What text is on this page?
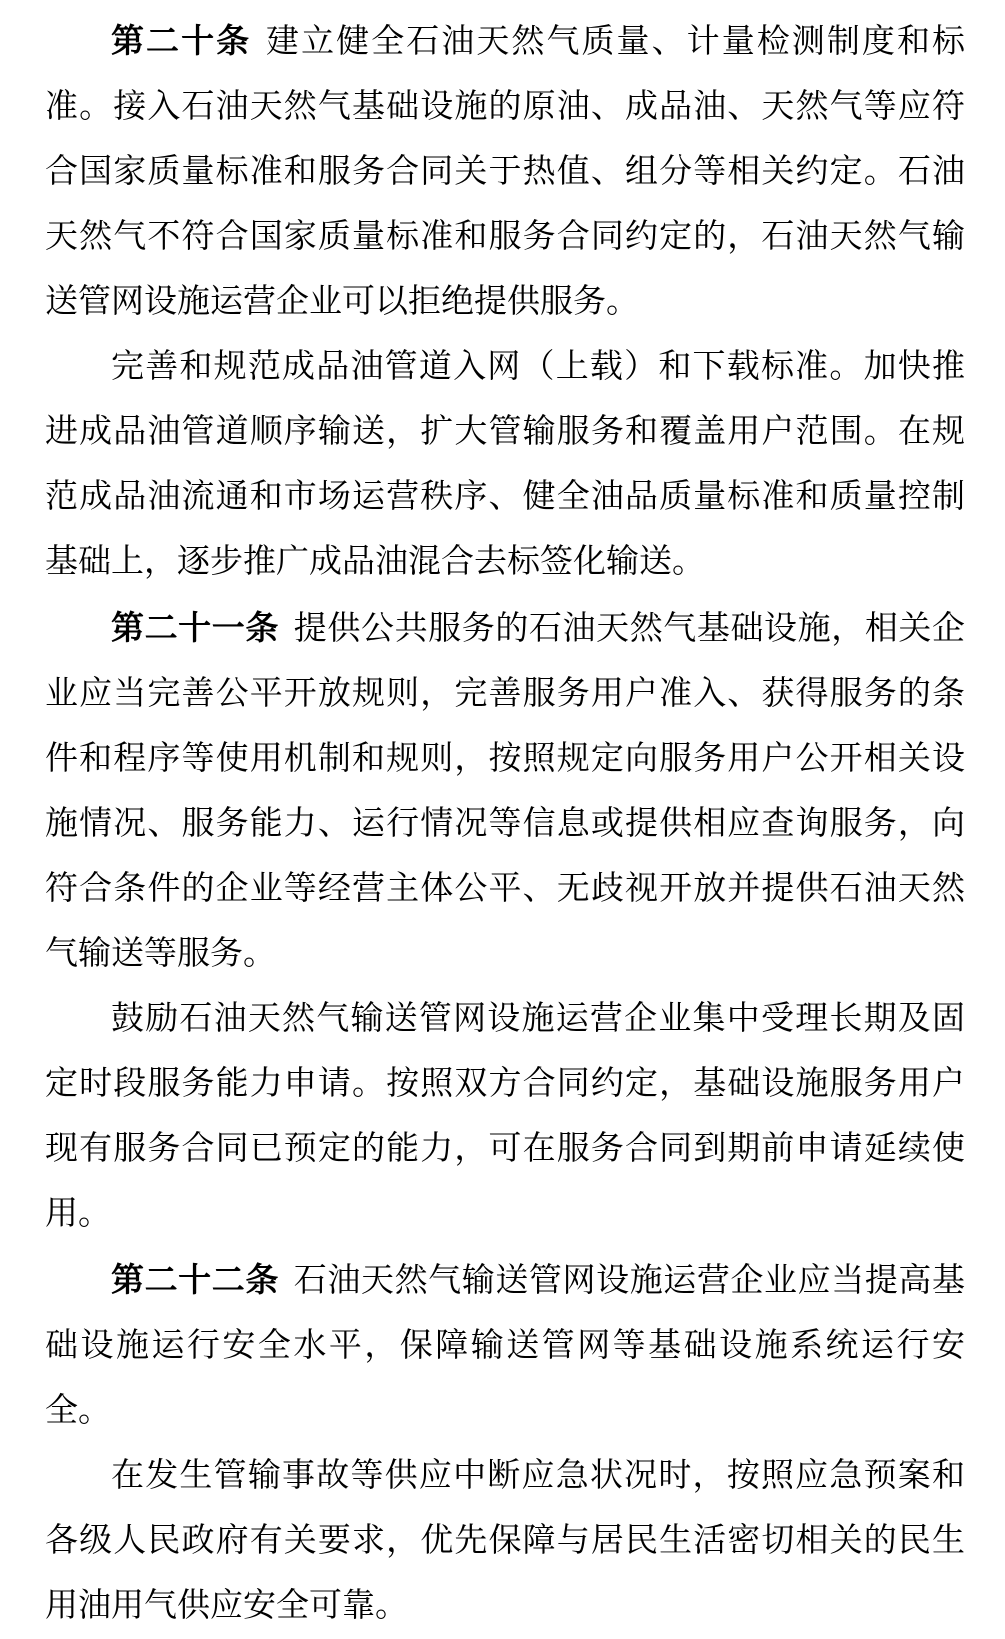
第二十条 建立健全石油天然气质量、计量检测制度和标准。接入石油天然气基础设施的原油、成品油、天然气等应符合国家质量标准和服务合同关于热值、组分等相关约定。石油天然气不符合国家质量标准和服务合同约定的，石油天然气输送管网设施运营企业可以拒绝提供服务。

完善和规范成品油管道入网（上载）和下载标准。加快推进成品油管道顺序输送，扩大管输服务和覆盖用户范围。在规范成品油流通和市场运营秩序、健全油品质量标准和质量控制基础上，逐步推广成品油混合去标签化输送。

第二十一条 提供公共服务的石油天然气基础设施，相关企业应当完善公平开放规则，完善服务用户准入、获得服务的条件和程序等使用机制和规则，按照规定向服务用户公开相关设施情况、服务能力、运行情况等信息或提供相应查询服务，向符合条件的企业等经营主体公平、无歧视开放并提供石油天然气输送等服务。

鼓励石油天然气输送管网设施运营企业集中受理长期及固定时段服务能力申请。按照双方合同约定，基础设施服务用户现有服务合同已预定的能力，可在服务合同到期前申请延续使用。

第二十二条 石油天然气输送管网设施运营企业应当提高基础设施运行安全水平，保障输送管网等基础设施系统运行安全。

在发生管输事故等供应中断应急状况时，按照应急预案和各级人民政府有关要求，优先保障与居民生活密切相关的民生用油用气供应安全可靠。
